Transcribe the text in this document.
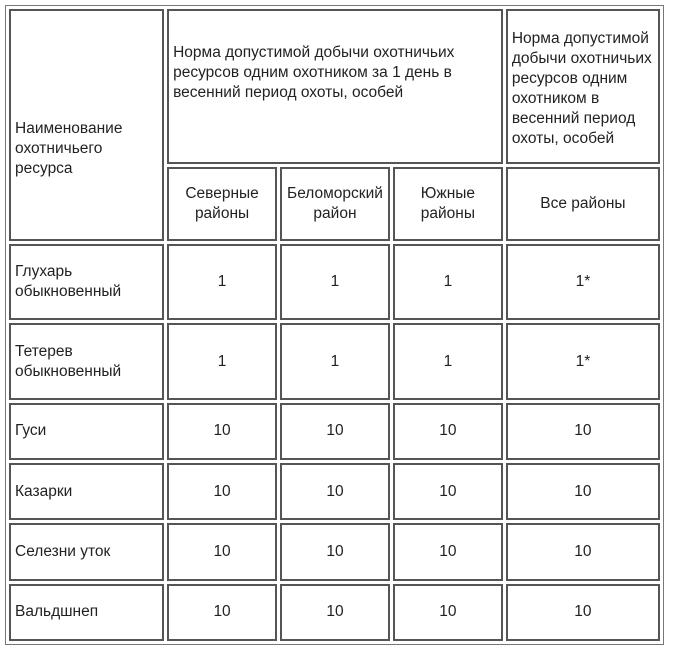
Наименование охотничьего ресурса	Норма допустимой добычи охотничьих ресурсов одним охотником за 1 день в весенний период охоты, особей			Норма допустимой добычи охотничьих ресурсов одним охотником в весенний период охоты, особей
	Северные районы	Беломорский район	Южные районы	Все районы
Глухарь обыкновенный	1	1	1	1*
Тетерев обыкновенный	1	1	1	1*
Гуси	10	10	10	10
Казарки	10	10	10	10
Селезни уток	10	10	10	10
Вальдшнеп	10	10	10	10
